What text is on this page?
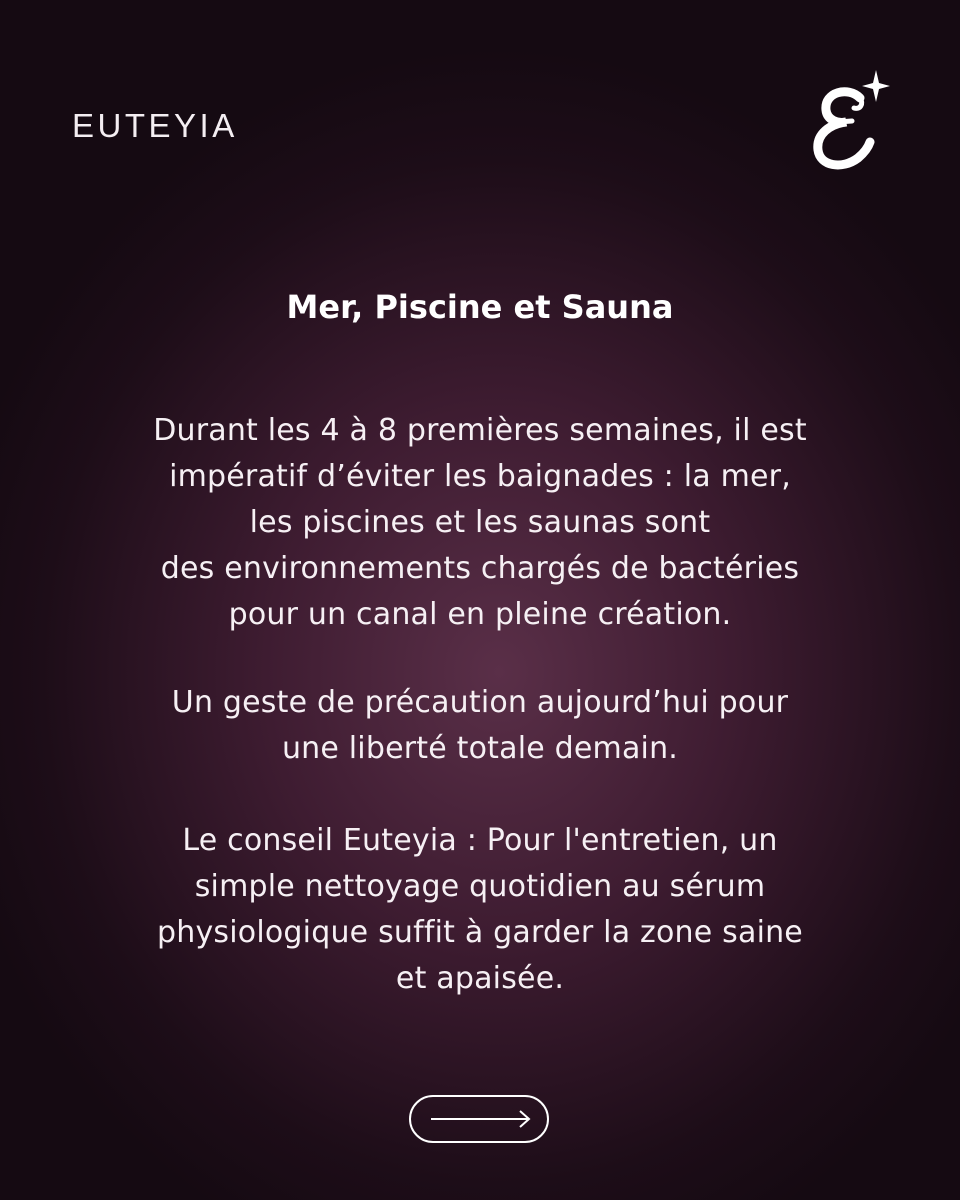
EUTEYIA
Mer, Piscine et Sauna
Durant les 4 à 8 premières semaines, il est
impératif d’éviter les baignades : la mer,
les piscines et les saunas sont
des environnements chargés de bactéries
pour un canal en pleine création.
Un geste de précaution aujourd’hui pour
une liberté totale demain.
Le conseil Euteyia : Pour l'entretien, un
simple nettoyage quotidien au sérum
physiologique suffit à garder la zone saine
et apaisée.
